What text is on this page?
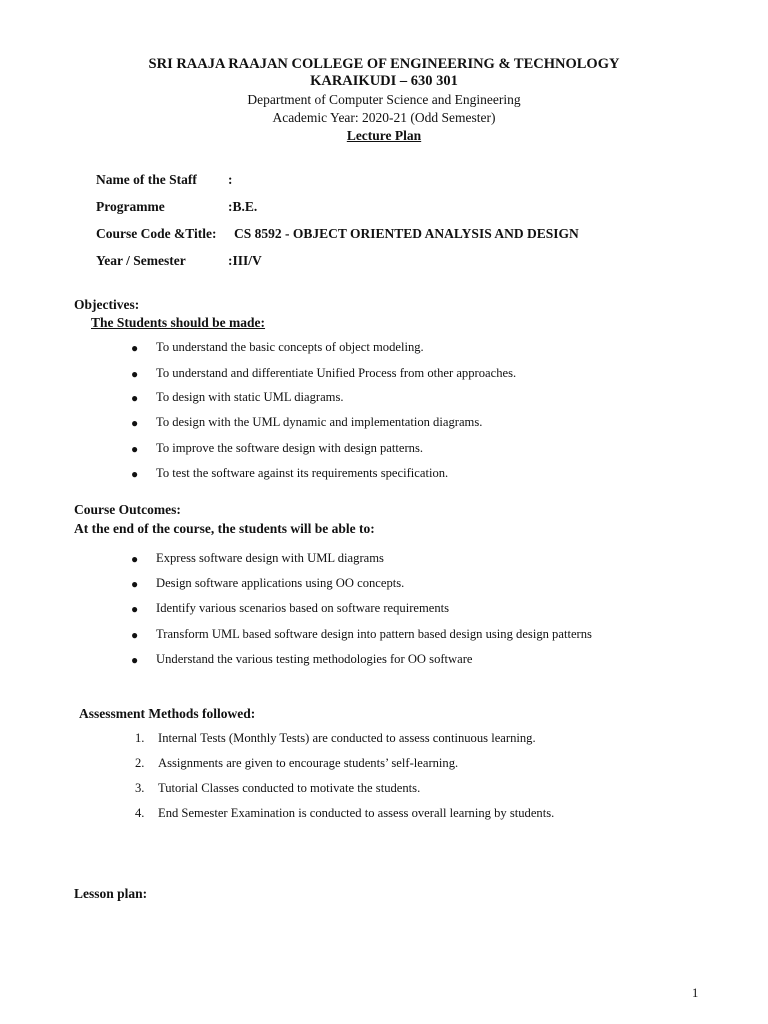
SRI RAAJA RAAJAN COLLEGE OF ENGINEERING & TECHNOLOGY
KARAIKUDI – 630 301
Department of Computer Science and Engineering
Academic Year: 2020-21 (Odd Semester)
Lecture Plan
Name of the Staff :
Programme	:B.E.
Course Code &Title: CS 8592 - OBJECT ORIENTED ANALYSIS AND DESIGN
Year / Semester	:III/V
Objectives:
The Students should be made:
● To understand the basic concepts of object modeling.
● To understand and differentiate Unified Process from other approaches.
● To design with static UML diagrams.
● To design with the UML dynamic and implementation diagrams.
● To improve the software design with design patterns.
● To test the software against its requirements specification.
Course Outcomes:
At the end of the course, the students will be able to:
● Express software design with UML diagrams
● Design software applications using OO concepts.
● Identify various scenarios based on software requirements
● Transform UML based software design into pattern based design using design patterns
● Understand the various testing methodologies for OO software
Assessment Methods followed:
1. Internal Tests (Monthly Tests) are conducted to assess continuous learning.
2. Assignments are given to encourage students’ self-learning.
3. Tutorial Classes conducted to motivate the students.
4. End Semester Examination is conducted to assess overall learning by students.
Lesson plan:
1
